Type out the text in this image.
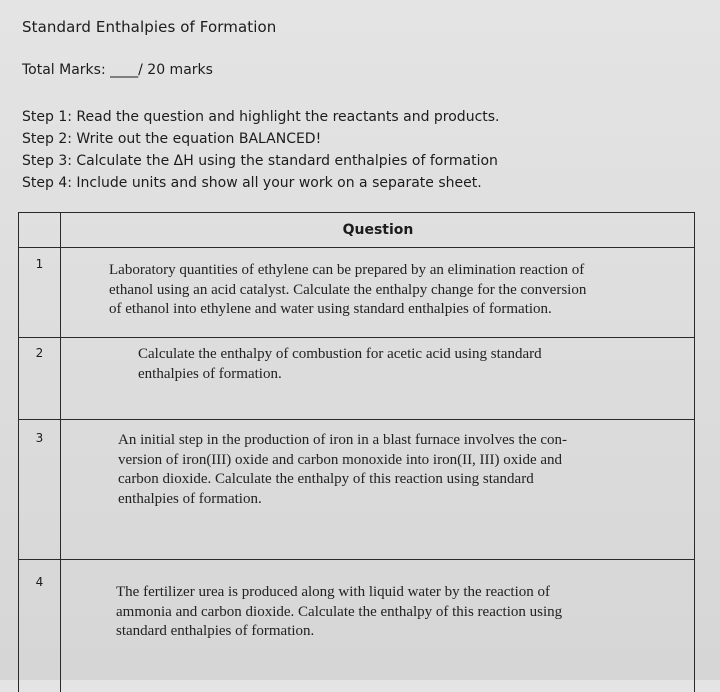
Standard Enthalpies of Formation
Total Marks: ____/ 20 marks
Step 1: Read the question and highlight the reactants and products.
Step 2: Write out the equation BALANCED!
Step 3: Calculate the ΔH using the standard enthalpies of formation
Step 4: Include units and show all your work on a separate sheet.
Question
1	Laboratory quantities of ethylene can be prepared by an elimination reaction of
ethanol using an acid catalyst. Calculate the enthalpy change for the conversion
of ethanol into ethylene and water using standard enthalpies of formation.
2	Calculate the enthalpy of combustion for acetic acid using standard
enthalpies of formation.
3	An initial step in the production of iron in a blast furnace involves the con-
version of iron(III) oxide and carbon monoxide into iron(II, III) oxide and
carbon dioxide. Calculate the enthalpy of this reaction using standard
enthalpies of formation.
4
The fertilizer urea is produced along with liquid water by the reaction of
ammonia and carbon dioxide. Calculate the enthalpy of this reaction using
standard enthalpies of formation.
